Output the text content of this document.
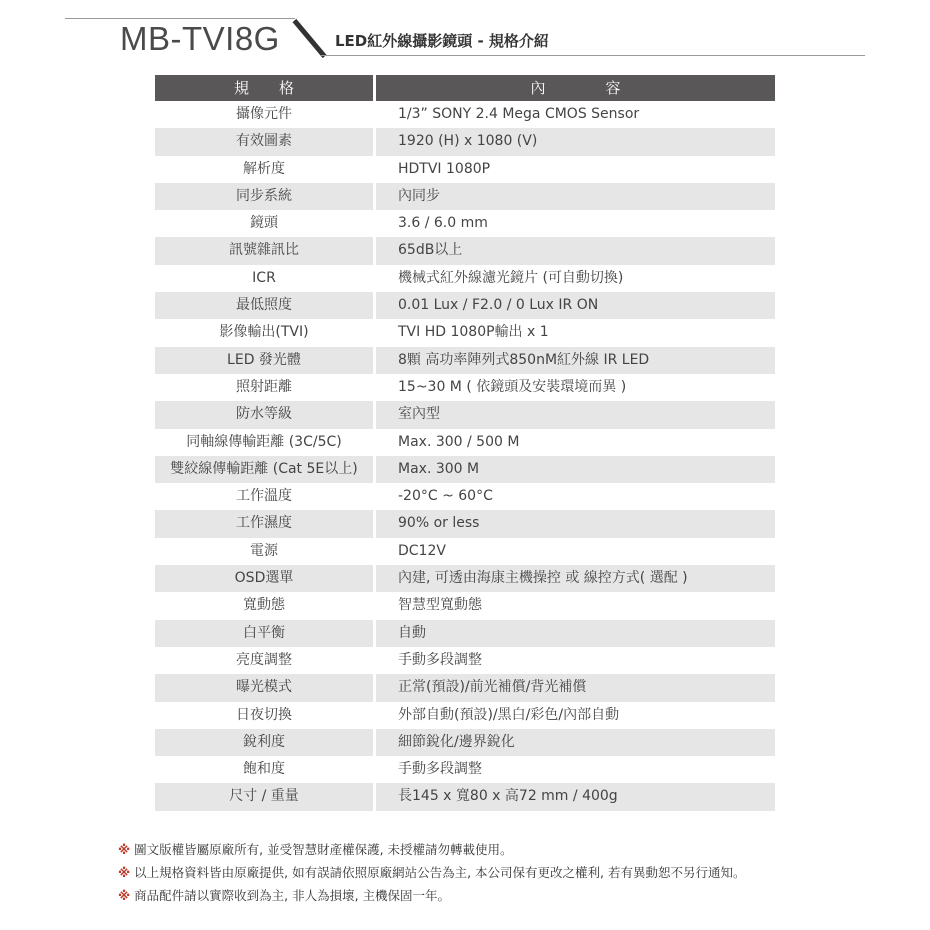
MB-TVI8G	LED紅外線攝影鏡頭 - 規格介紹
規　　格	內　　　　容
攝像元件	1/3” SONY 2.4 Mega CMOS Sensor
有效圖素	1920 (H) x 1080 (V)
解析度	HDTVI 1080P
同步系統	內同步
鏡頭	3.6 / 6.0 mm
訊號雜訊比	65dB以上
ICR	機械式紅外線濾光鏡片 (可自動切換)
最低照度	0.01 Lux / F2.0 / 0 Lux IR ON
影像輸出(TVI)	TVI HD 1080P輸出 x 1
LED 發光體	8顆 高功率陣列式850nM紅外線 IR LED
照射距離	15~30 M ( 依鏡頭及安裝環境而異 )
防水等級	室內型
同軸線傳輸距離 (3C/5C)	Max. 300 / 500 M
雙絞線傳輸距離 (Cat 5E以上)	Max. 300 M
工作溫度	-20°C ~ 60°C
工作濕度	90% or less
電源	DC12V
OSD選單	內建, 可透由海康主機操控 或 線控方式( 選配 )
寬動態	智慧型寬動態
白平衡	自動
亮度調整	手動多段調整
曝光模式	正常(預設)/前光補償/背光補償
日夜切換	外部自動(預設)/黑白/彩色/內部自動
銳利度	細節銳化/邊界銳化
飽和度	手動多段調整
尺寸 / 重量	長145 x 寬80 x 高72 mm / 400g
※ 圖文版權皆屬原廠所有, 並受智慧財產權保護, 未授權請勿轉載使用。
※ 以上規格資料皆由原廠提供, 如有誤請依照原廠網站公告為主, 本公司保有更改之權利, 若有異動恕不另行通知。
※ 商品配件請以實際收到為主, 非人為損壞, 主機保固一年。
